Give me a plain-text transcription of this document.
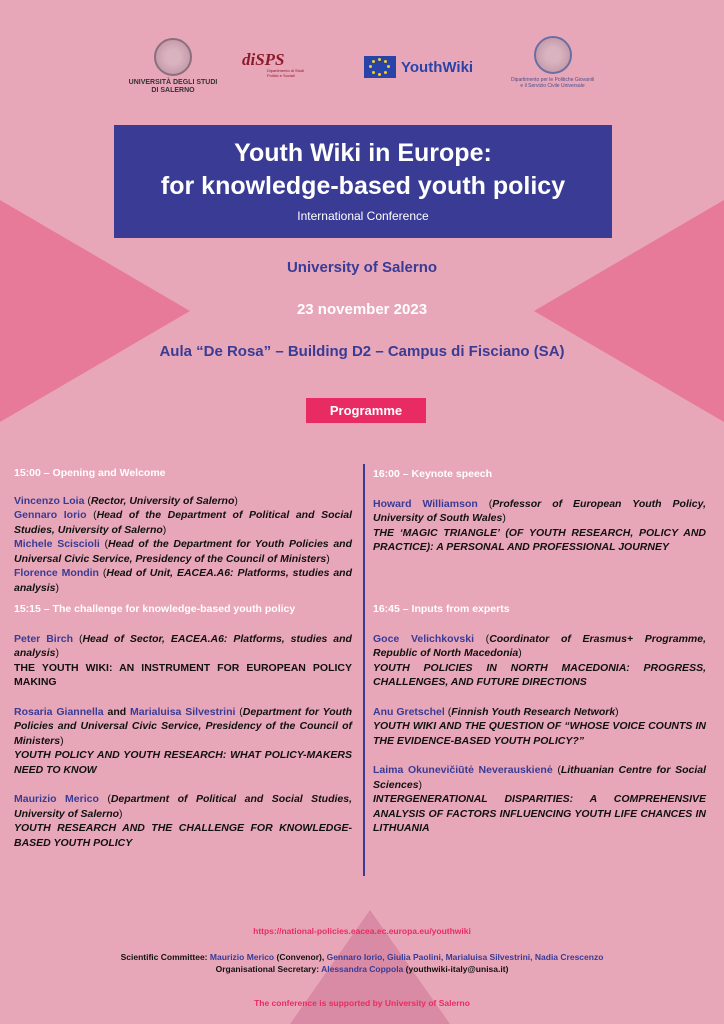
UNIVERSITÀ DEGLI STUDI
DI SALERNO
diSPS
Dipartimento di Studi Politici e Sociali	YouthWiki
Dipartimento per le Politiche Giovanili
e il Servizio Civile Universale
Youth Wiki in Europe:
for knowledge-based youth policy
International Conference
University of Salerno
23 november 2023
Aula “De Rosa” – Building D2 – Campus di Fisciano (SA)
Programme
15:00 – Opening and Welcome
Vincenzo Loia (Rector, University of Salerno)
Gennaro Iorio (Head of the Department of Political and Social Studies, University of Salerno)
Michele Sciscioli (Head of the Department for Youth Policies and Universal Civic Service, Presidency of the Council of Ministers)
Florence Mondin (Head of Unit, EACEA.A6: Platforms, studies and analysis)
15:15 – The challenge for knowledge-based youth policy
Peter Birch (Head of Sector, EACEA.A6: Platforms, studies and analysis)
THE YOUTH WIKI: AN INSTRUMENT FOR EUROPEAN POLICY MAKING
Rosaria Giannella and Marialuisa Silvestrini (Department for Youth Policies and Universal Civic Service, Presidency of the Council of Ministers)
YOUTH POLICY AND YOUTH RESEARCH: WHAT POLICY-MAKERS NEED TO KNOW
Maurizio Merico (Department of Political and Social Studies, University of Salerno)
YOUTH RESEARCH AND THE CHALLENGE FOR KNOWLEDGE-BASED YOUTH POLICY
16:00 – Keynote speech
Howard Williamson (Professor of European Youth Policy, University of South Wales)
THE ‘MAGIC TRIANGLE’ (OF YOUTH RESEARCH, POLICY AND PRACTICE): A PERSONAL AND PROFESSIONAL JOURNEY
16:45 – Inputs from experts
Goce Velichkovski (Coordinator of Erasmus+ Programme, Republic of North Macedonia)
YOUTH POLICIES IN NORTH MACEDONIA: PROGRESS, CHALLENGES, AND FUTURE DIRECTIONS
Anu Gretschel (Finnish Youth Research Network)
YOUTH WIKI AND THE QUESTION OF “WHOSE VOICE COUNTS IN THE EVIDENCE-BASED YOUTH POLICY?”
Laima Okunevičiūtė Neverauskienė (Lithuanian Centre for Social Sciences)
INTERGENERATIONAL DISPARITIES: A COMPREHENSIVE ANALYSIS OF FACTORS INFLUENCING YOUTH LIFE CHANCES IN LITHUANIA
https://national-policies.eacea.ec.europa.eu/youthwiki
Scientific Committee: Maurizio Merico (Convenor), Gennaro Iorio, Giulia Paolini, Marialuisa Silvestrini, Nadia Crescenzo
Organisational Secretary: Alessandra Coppola (youthwiki-italy@unisa.it)
The conference is supported by University of Salerno
